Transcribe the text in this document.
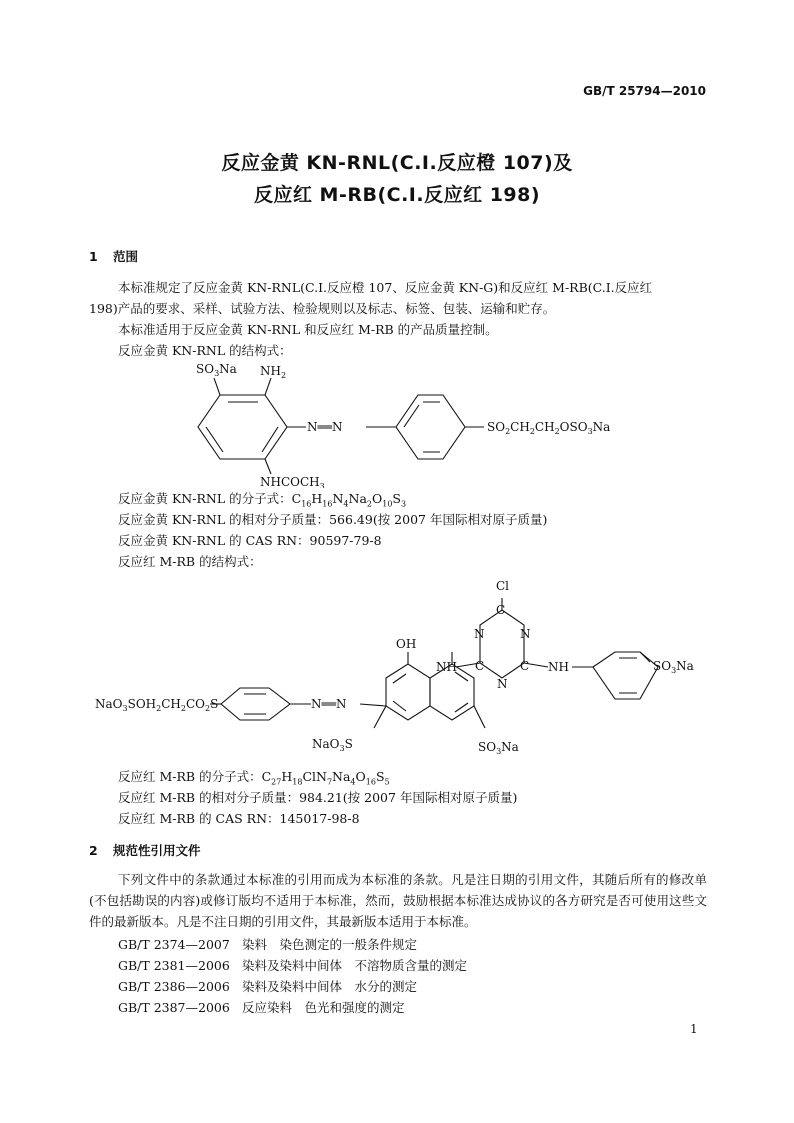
GB/T 25794—2010
反应金黄 KN-RNL(C.I.反应橙 107)及
反应红 M-RB(C.I.反应红 198)
1 范围
本标准规定了反应金黄 KN-RNL(C.I.反应橙 107、反应金黄 KN-G)和反应红 M-RB(C.I.反应红
198)产品的要求、采样、试验方法、检验规则以及标志、标签、包装、运输和贮存。
本标准适用于反应金黄 KN-RNL 和反应红 M-RB 的产品质量控制。
反应金黄 KN-RNL 的结构式：
$SO_3Na$ $NH_2$
N══N	$SO_2CH_2CH_2OSO_3Na$
$NHCOCH_3$
反应金黄 KN-RNL 的分子式：$C_{16}H_{16}N_4Na_2O_{10}S_3$
反应金黄 KN-RNL 的相对分子质量：566.49(按 2007 年国际相对原子质量)
反应金黄 KN-RNL 的 CAS RN：90597-79-8
反应红 M-RB 的结构式：
Cl
C
N	N
C	C
N
NH	NH	$SO_3Na$
OH
N══N
$NaO_3SOH_2CH_2CO_2S$
NaO$_3$S	$SO_3Na$
反应红 M-RB 的分子式：$C_{27}H_{18}ClN_7Na_4O_{16}S_5$
反应红 M-RB 的相对分子质量：984.21(按 2007 年国际相对原子质量)
反应红 M-RB 的 CAS RN：145017-98-8
2 规范性引用文件
下列文件中的条款通过本标准的引用而成为本标准的条款。凡是注日期的引用文件，其随后所有的修改单(不包括勘误的内容)或修订版均不适用于本标准，然而，鼓励根据本标准达成协议的各方研究是否可使用这些文件的最新版本。凡是不注日期的引用文件，其最新版本适用于本标准。
GB/T 2374—2007 染料　染色测定的一般条件规定
GB/T 2381—2006 染料及染料中间体　不溶物质含量的测定
GB/T 2386—2006 染料及染料中间体　水分的测定
GB/T 2387—2006 反应染料　色光和强度的测定
1
